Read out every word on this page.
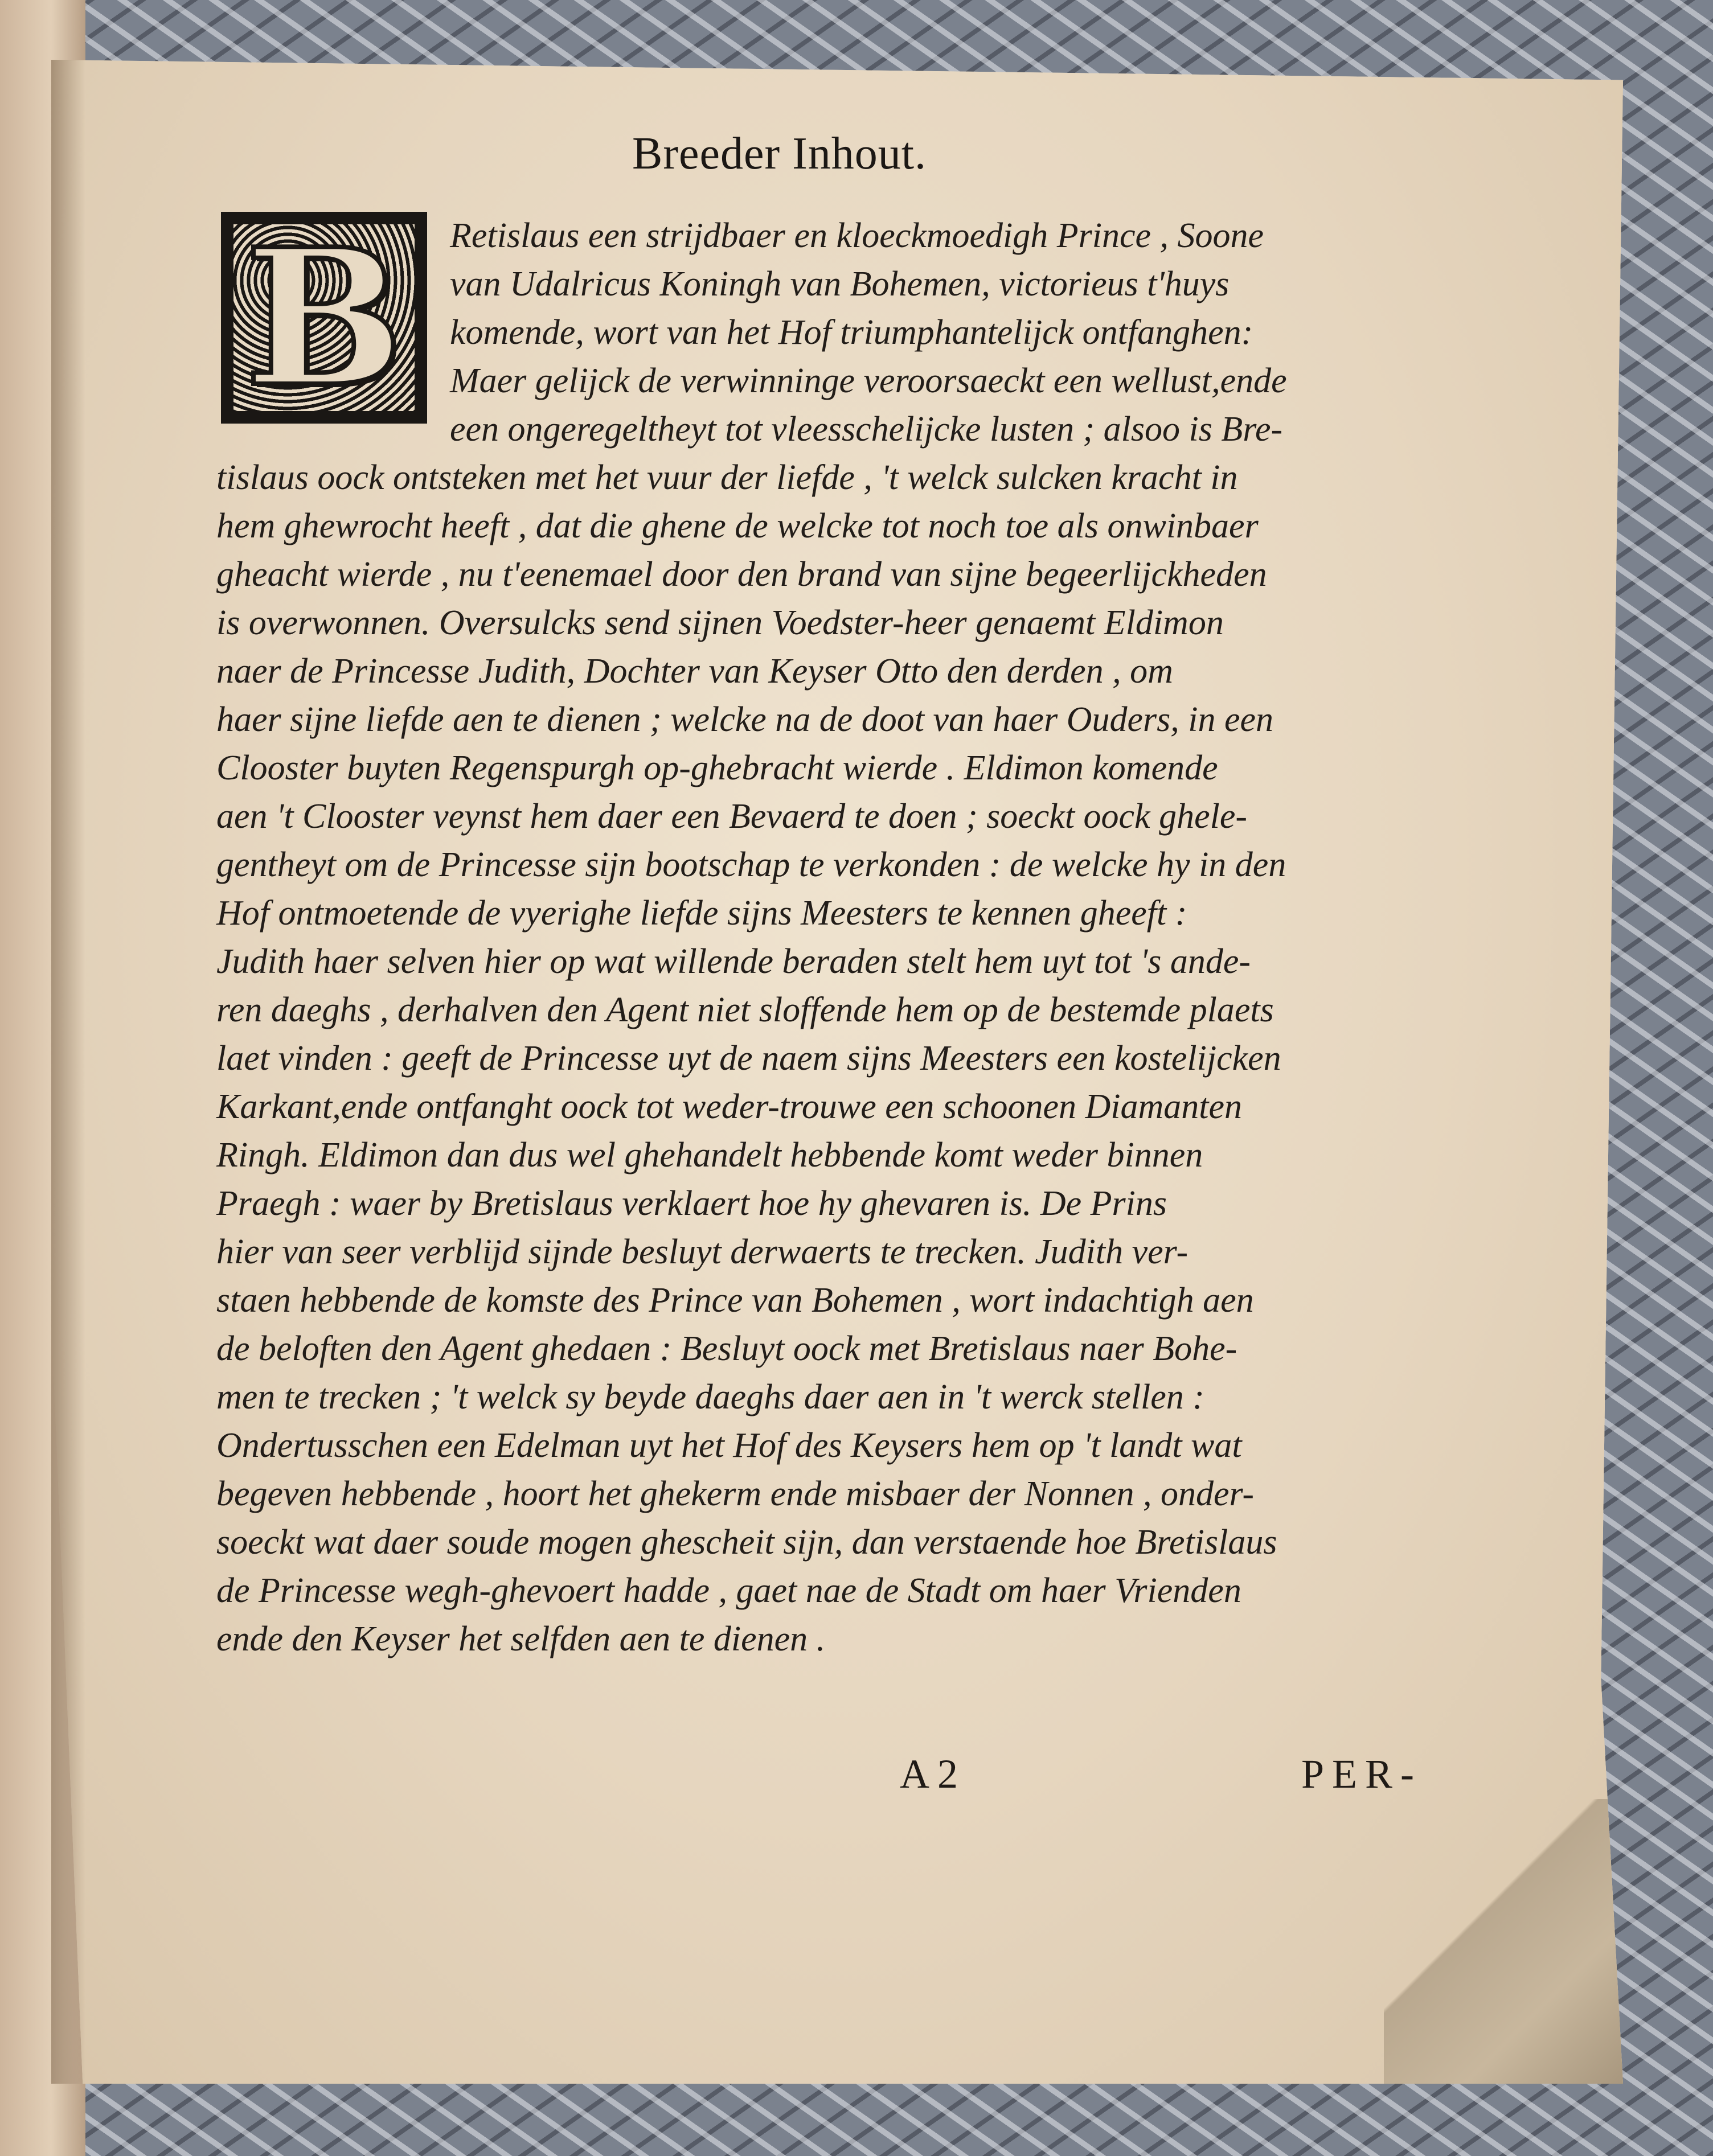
Breeder Inhout.
B	Retislaus een strijdbaer en kloeckmoedigh Prince , Soone
van Udalricus Koningh van Bohemen, victorieus t'huys
komende, wort van het Hof triumphantelijck ontfanghen:
Maer gelijck de verwinninge veroorsaeckt een wellust,ende
een ongeregeltheyt tot vleesschelijcke lusten ; alsoo is Bre-
tislaus oock ontsteken met het vuur der liefde , 't welck sulcken kracht in
hem ghewrocht heeft , dat die ghene de welcke tot noch toe als onwinbaer
gheacht wierde , nu t'eenemael door den brand van sijne begeerlijckheden
is overwonnen. Oversulcks send sijnen Voedster-heer genaemt Eldimon
naer de Princesse Judith, Dochter van Keyser Otto den derden , om
haer sijne liefde aen te dienen ; welcke na de doot van haer Ouders, in een
Clooster buyten Regenspurgh op-ghebracht wierde . Eldimon komende
aen 't Clooster veynst hem daer een Bevaerd te doen ; soeckt oock ghele-
gentheyt om de Princesse sijn bootschap te verkonden : de welcke hy in den
Hof ontmoetende de vyerighe liefde sijns Meesters te kennen gheeft :
Judith haer selven hier op wat willende beraden stelt hem uyt tot 's ande-
ren daeghs , derhalven den Agent niet sloffende hem op de bestemde plaets
laet vinden : geeft de Princesse uyt de naem sijns Meesters een kostelijcken
Karkant,ende ontfanght oock tot weder-trouwe een schoonen Diamanten
Ringh. Eldimon dan dus wel ghehandelt hebbende komt weder binnen
Praegh : waer by Bretislaus verklaert hoe hy ghevaren is. De Prins
hier van seer verblijd sijnde besluyt derwaerts te trecken. Judith ver-
staen hebbende de komste des Prince van Bohemen , wort indachtigh aen
de beloften den Agent ghedaen : Besluyt oock met Bretislaus naer Bohe-
men te trecken ; 't welck sy beyde daeghs daer aen in 't werck stellen :
Ondertusschen een Edelman uyt het Hof des Keysers hem op 't landt wat
begeven hebbende , hoort het ghekerm ende misbaer der Nonnen , onder-
soeckt wat daer soude mogen ghescheit sijn, dan verstaende hoe Bretislaus
de Princesse wegh-ghevoert hadde , gaet nae de Stadt om haer Vrienden
ende den Keyser het selfden aen te dienen .
A 2	PER-
